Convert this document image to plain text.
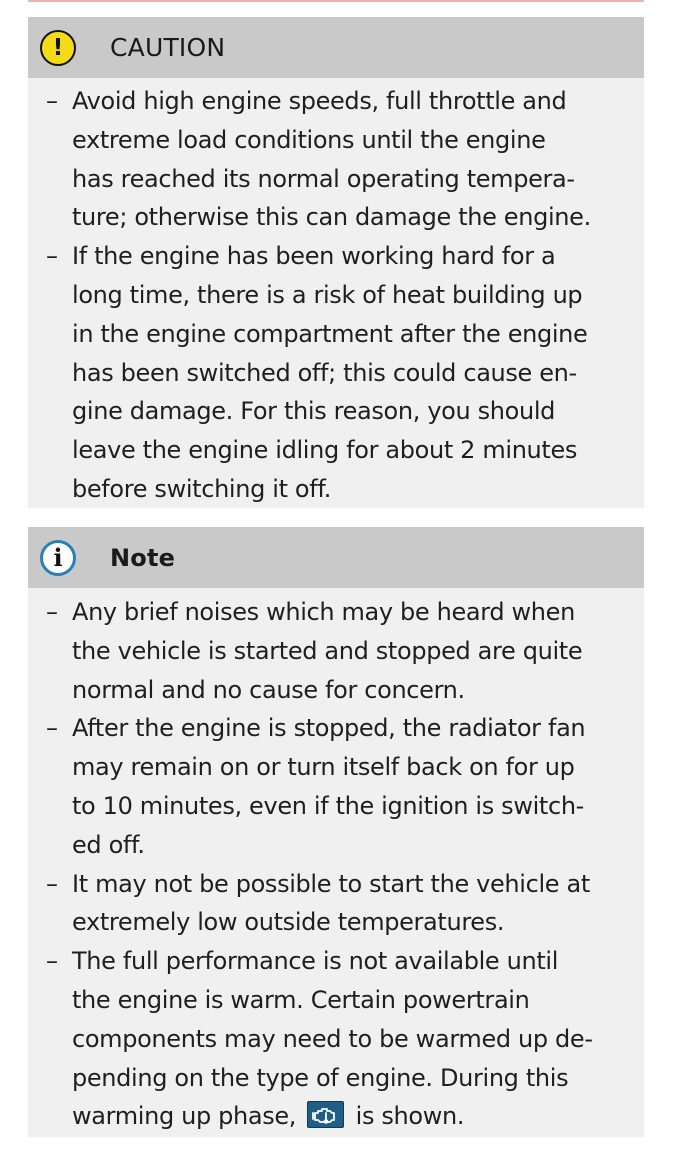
!	CAUTION
– Avoid high engine speeds, full throttle and
extreme load conditions until the engine
has reached its normal operating tempera-
ture; otherwise this can damage the engine.
– If the engine has been working hard for a
long time, there is a risk of heat building up
in the engine compartment after the engine
has been switched off; this could cause en-
gine damage. For this reason, you should
leave the engine idling for about 2 minutes
before switching it off.
i	Note
– Any brief noises which may be heard when
the vehicle is started and stopped are quite
normal and no cause for concern.
– After the engine is stopped, the radiator fan
may remain on or turn itself back on for up
to 10 minutes, even if the ignition is switch-
ed off.
– It may not be possible to start the vehicle at
extremely low outside temperatures.
– The full performance is not available until
the engine is warm. Certain powertrain
components may need to be warmed up de-
pending on the type of engine. During this
warming up phase, is shown.
